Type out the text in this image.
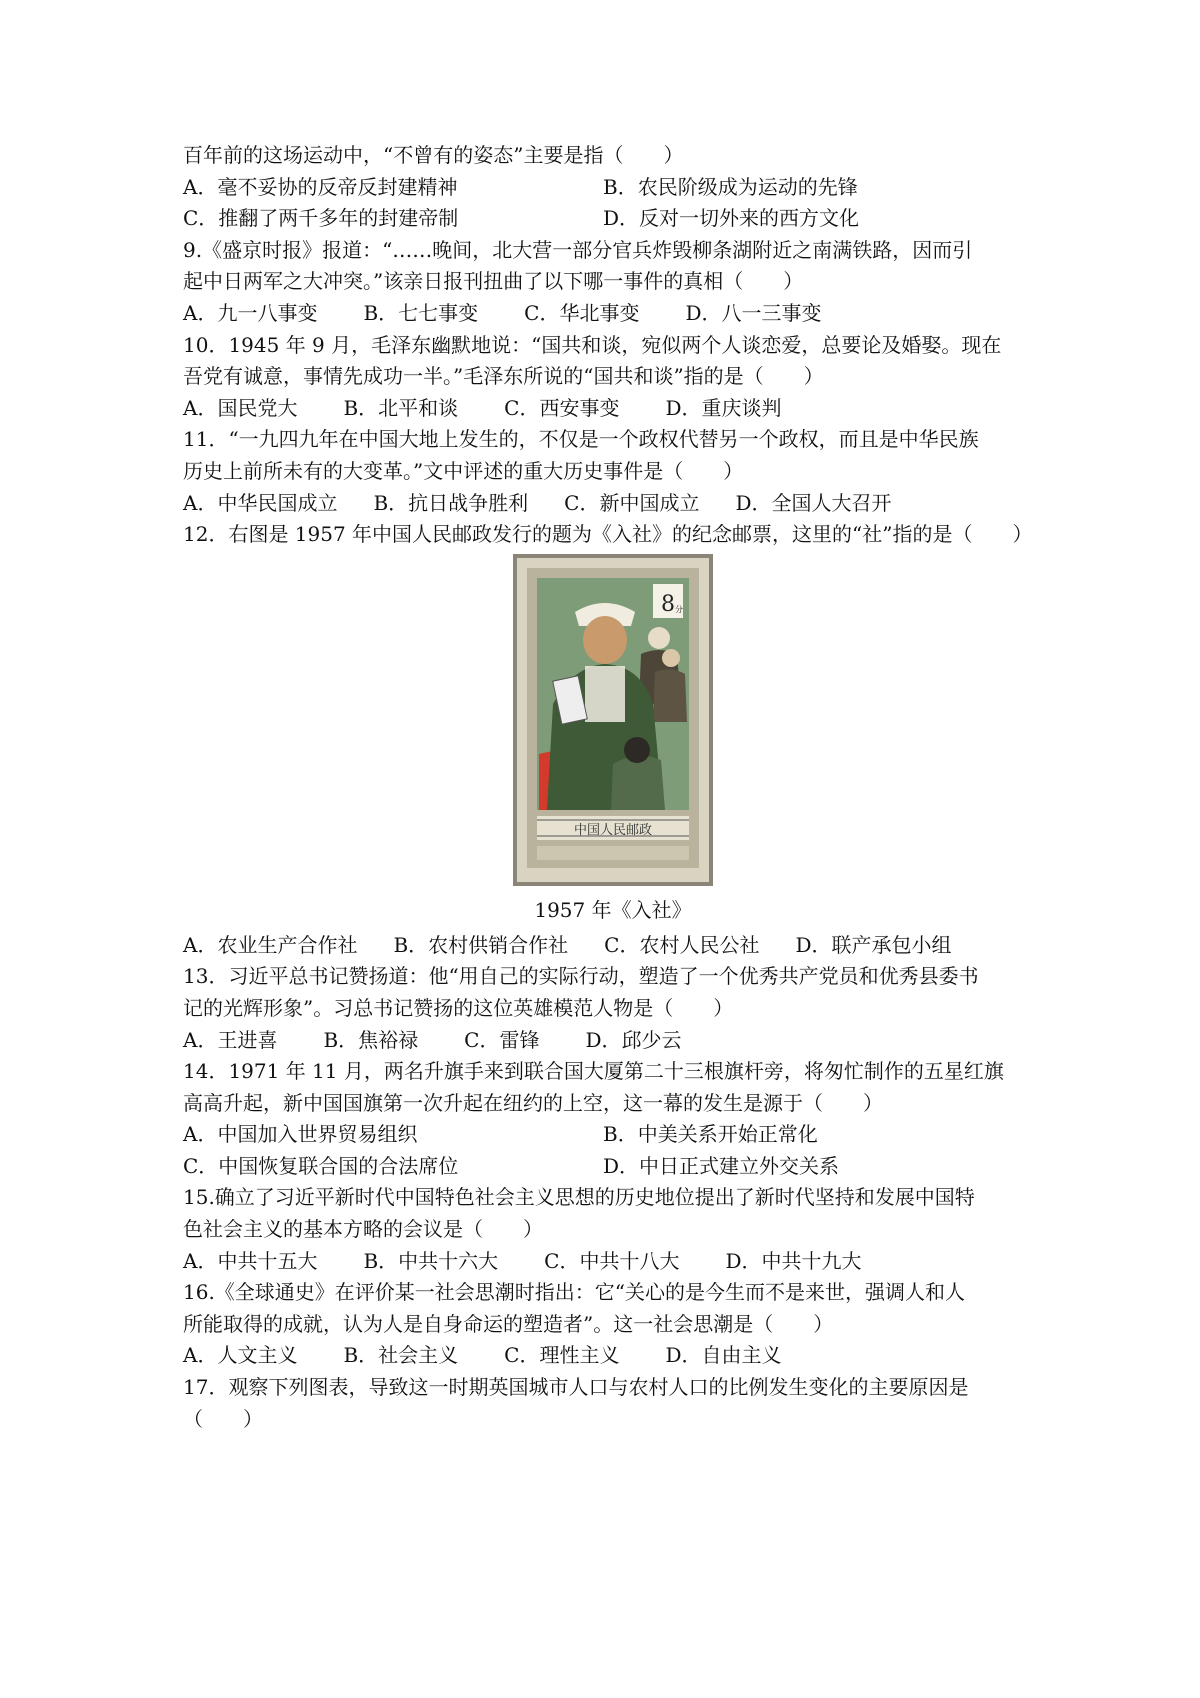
百年前的这场运动中，“不曾有的姿态”主要是指（　　）
A．毫不妥协的反帝反封建精神	B．农民阶级成为运动的先锋
C．推翻了两千多年的封建帝制	D．反对一切外来的西方文化
9.《盛京时报》报道：“……晚间，北大营一部分官兵炸毁柳条湖附近之南满铁路，因而引
起中日两军之大冲突。”该亲日报刊扭曲了以下哪一事件的真相（　　）
A．九一八事变 B．七七事变 C．华北事变 D．八一三事变
10．1945 年 9 月，毛泽东幽默地说：“国共和谈，宛似两个人谈恋爱，总要论及婚娶。现在
吾党有诚意，事情先成功一半。”毛泽东所说的“国共和谈”指的是（　　）
A．国民党大 B．北平和谈 C．西安事变 D．重庆谈判
11．“一九四九年在中国大地上发生的，不仅是一个政权代替另一个政权，而且是中华民族
历史上前所未有的大变革。”文中评述的重大历史事件是（　　）
A．中华民国成立 B．抗日战争胜利 C．新中国成立 D．全国人大召开
12．右图是 1957 年中国人民邮政发行的题为《入社》的纪念邮票，这里的“社”指的是（　　）
8 分
中国人民邮政
1957 年《入社》
A．农业生产合作社 B．农村供销合作社 C．农村人民公社 D．联产承包小组
13．习近平总书记赞扬道：他“用自己的实际行动，塑造了一个优秀共产党员和优秀县委书
记的光辉形象”。习总书记赞扬的这位英雄模范人物是（　　）
A．王进喜 B．焦裕禄 C．雷锋 D．邱少云
14．1971 年 11 月，两名升旗手来到联合国大厦第二十三根旗杆旁，将匆忙制作的五星红旗
高高升起，新中国国旗第一次升起在纽约的上空，这一幕的发生是源于（　　）
A．中国加入世界贸易组织	B．中美关系开始正常化
C．中国恢复联合国的合法席位	D．中日正式建立外交关系
15.确立了习近平新时代中国特色社会主义思想的历史地位提出了新时代坚持和发展中国特
色社会主义的基本方略的会议是（　　）
A．中共十五大 B．中共十六大 C．中共十八大 D．中共十九大
16.《全球通史》在评价某一社会思潮时指出：它“关心的是今生而不是来世，强调人和人
所能取得的成就，认为人是自身命运的塑造者”。这一社会思潮是（　　）
A．人文主义 B．社会主义 C．理性主义 D．自由主义
17．观察下列图表，导致这一时期英国城市人口与农村人口的比例发生变化的主要原因是
（　　）
